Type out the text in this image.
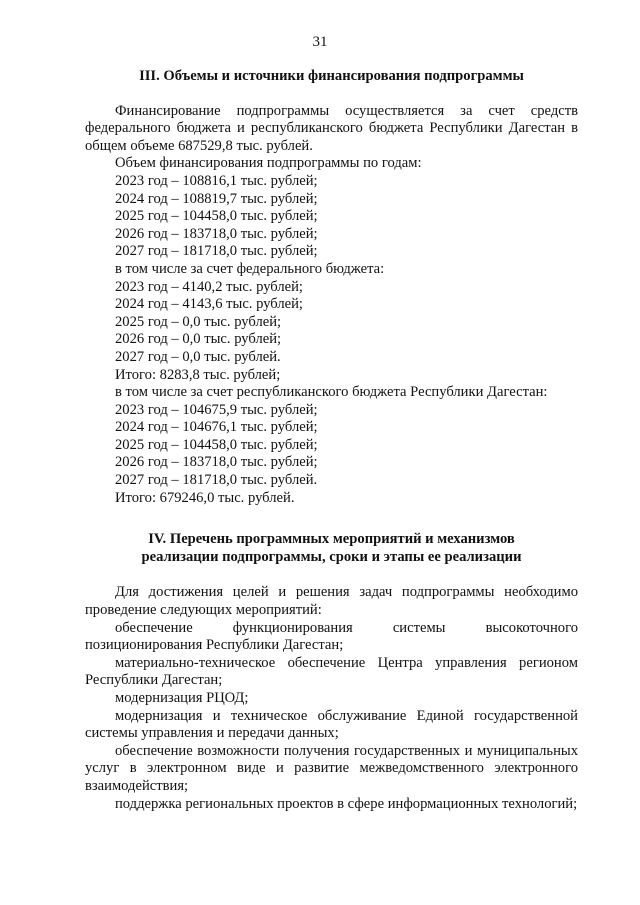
31

III. Объемы и источники финансирования подпрограммы

Финансирование подпрограммы осуществляется за счет средств федерального бюджета и республиканского бюджета Республики Дагестан в общем объеме 687529,8 тыс. рублей.

Объем финансирования подпрограммы по годам:

2023 год – 108816,1 тыс. рублей;

2024 год – 108819,7 тыс. рублей;

2025 год – 104458,0 тыс. рублей;

2026 год – 183718,0 тыс. рублей;

2027 год – 181718,0 тыс. рублей;

в том числе за счет федерального бюджета:

2023 год – 4140,2 тыс. рублей;

2024 год – 4143,6 тыс. рублей;

2025 год – 0,0 тыс. рублей;

2026 год – 0,0 тыс. рублей;

2027 год – 0,0 тыс. рублей.

Итого: 8283,8 тыс. рублей;

в том числе за счет республиканского бюджета Республики Дагестан:

2023 год – 104675,9 тыс. рублей;

2024 год – 104676,1 тыс. рублей;

2025 год – 104458,0 тыс. рублей;

2026 год – 183718,0 тыс. рублей;

2027 год – 181718,0 тыс. рублей.

Итого: 679246,0 тыс. рублей.

IV. Перечень программных мероприятий и механизмов
реализации подпрограммы, сроки и этапы ее реализации

Для достижения целей и решения задач подпрограммы необходимо проведение следующих мероприятий:

обеспечение функционирования системы высокоточного позиционирования Республики Дагестан;

материально-техническое обеспечение Центра управления регионом Республики Дагестан;

модернизация РЦОД;

модернизация и техническое обслуживание Единой государственной системы управления и передачи данных;

обеспечение возможности получения государственных и муниципальных услуг в электронном виде и развитие межведомственного электронного взаимодействия;

поддержка региональных проектов в сфере информационных технологий;
